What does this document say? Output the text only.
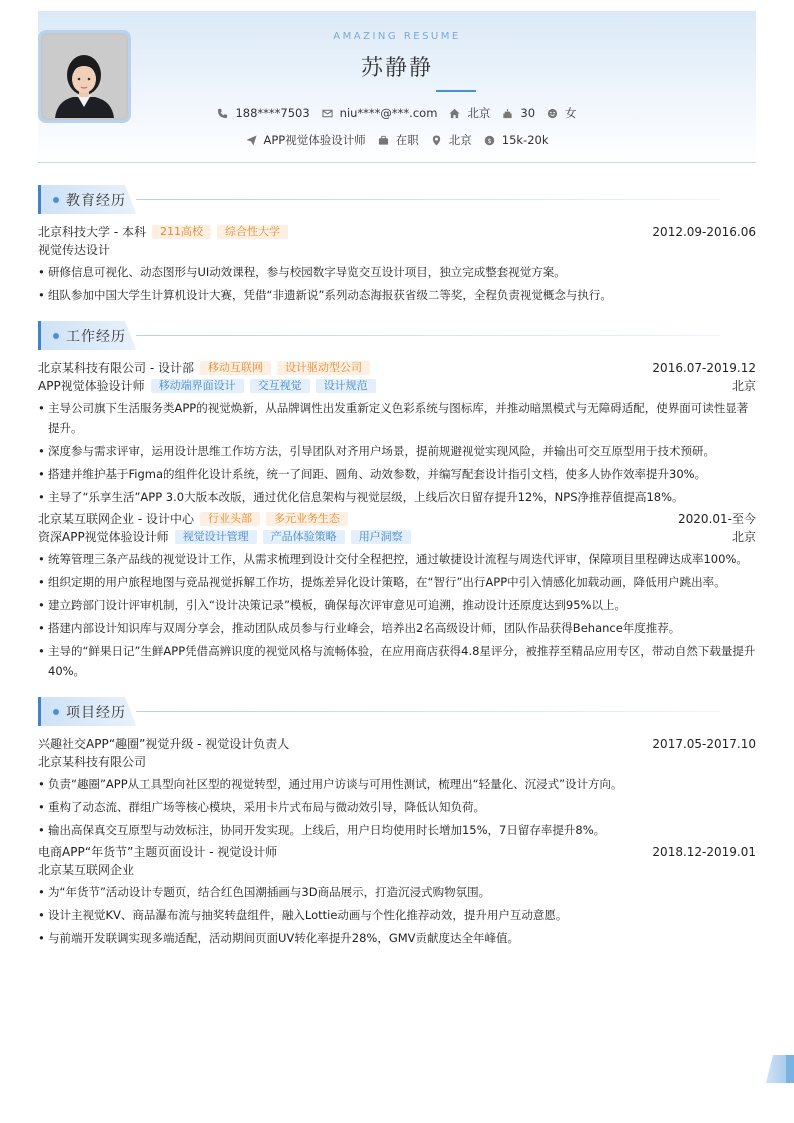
AMAZING RESUME
苏静静
188****7503	niu****@***.com	北京	30	女
APP视觉体验设计师	在职	北京 $ 15k-20k
教育经历
北京科技大学 - 本科	211高校	综合性大学	2012.09-2016.06
视觉传达设计
• 研修信息可视化、动态图形与UI动效课程，参与校园数字导览交互设计项目，独立完成整套视觉方案。
• 组队参加中国大学生计算机设计大赛，凭借“非遗新说”系列动态海报获省级二等奖，全程负责视觉概念与执行。
工作经历
北京某科技有限公司 - 设计部	移动互联网	设计驱动型公司	2016.07-2019.12
APP视觉体验设计师	移动端界面设计	交互视觉	设计规范	北京
• 主导公司旗下生活服务类APP的视觉焕新，从品牌调性出发重新定义色彩系统与图标库，并推动暗黑模式与无障碍适配，使界面可读性显著提升。
• 深度参与需求评审，运用设计思维工作坊方法，引导团队对齐用户场景，提前规避视觉实现风险，并输出可交互原型用于技术预研。
• 搭建并维护基于Figma的组件化设计系统，统一了间距、圆角、动效参数，并编写配套设计指引文档，使多人协作效率提升30%。
• 主导了“乐享生活”APP 3.0大版本改版，通过优化信息架构与视觉层级，上线后次日留存提升12%，NPS净推荐值提高18%。
北京某互联网企业 - 设计中心	行业头部	多元业务生态	2020.01-至今
资深APP视觉体验设计师	视觉设计管理	产品体验策略	用户洞察	北京
• 统筹管理三条产品线的视觉设计工作，从需求梳理到设计交付全程把控，通过敏捷设计流程与周迭代评审，保障项目里程碑达成率100%。
• 组织定期的用户旅程地图与竞品视觉拆解工作坊，提炼差异化设计策略，在“智行”出行APP中引入情感化加载动画，降低用户跳出率。
• 建立跨部门设计评审机制，引入“设计决策记录”模板，确保每次评审意见可追溯，推动设计还原度达到95%以上。
• 搭建内部设计知识库与双周分享会，推动团队成员参与行业峰会，培养出2名高级设计师，团队作品获得Behance年度推荐。
• 主导的“鲜果日记”生鲜APP凭借高辨识度的视觉风格与流畅体验，在应用商店获得4.8星评分，被推荐至精品应用专区，带动自然下载量提升40%。
项目经历
兴趣社交APP“趣圈”视觉升级 - 视觉设计负责人	2017.05-2017.10
北京某科技有限公司
• 负责“趣圈”APP从工具型向社区型的视觉转型，通过用户访谈与可用性测试，梳理出“轻量化、沉浸式”设计方向。
• 重构了动态流、群组广场等核心模块，采用卡片式布局与微动效引导，降低认知负荷。
• 输出高保真交互原型与动效标注，协同开发实现。上线后，用户日均使用时长增加15%，7日留存率提升8%。
电商APP“年货节”主题页面设计 - 视觉设计师	2018.12-2019.01
北京某互联网企业
• 为“年货节”活动设计专题页，结合红色国潮插画与3D商品展示，打造沉浸式购物氛围。
• 设计主视觉KV、商品瀑布流与抽奖转盘组件，融入Lottie动画与个性化推荐动效，提升用户互动意愿。
• 与前端开发联调实现多端适配，活动期间页面UV转化率提升28%，GMV贡献度达全年峰值。
